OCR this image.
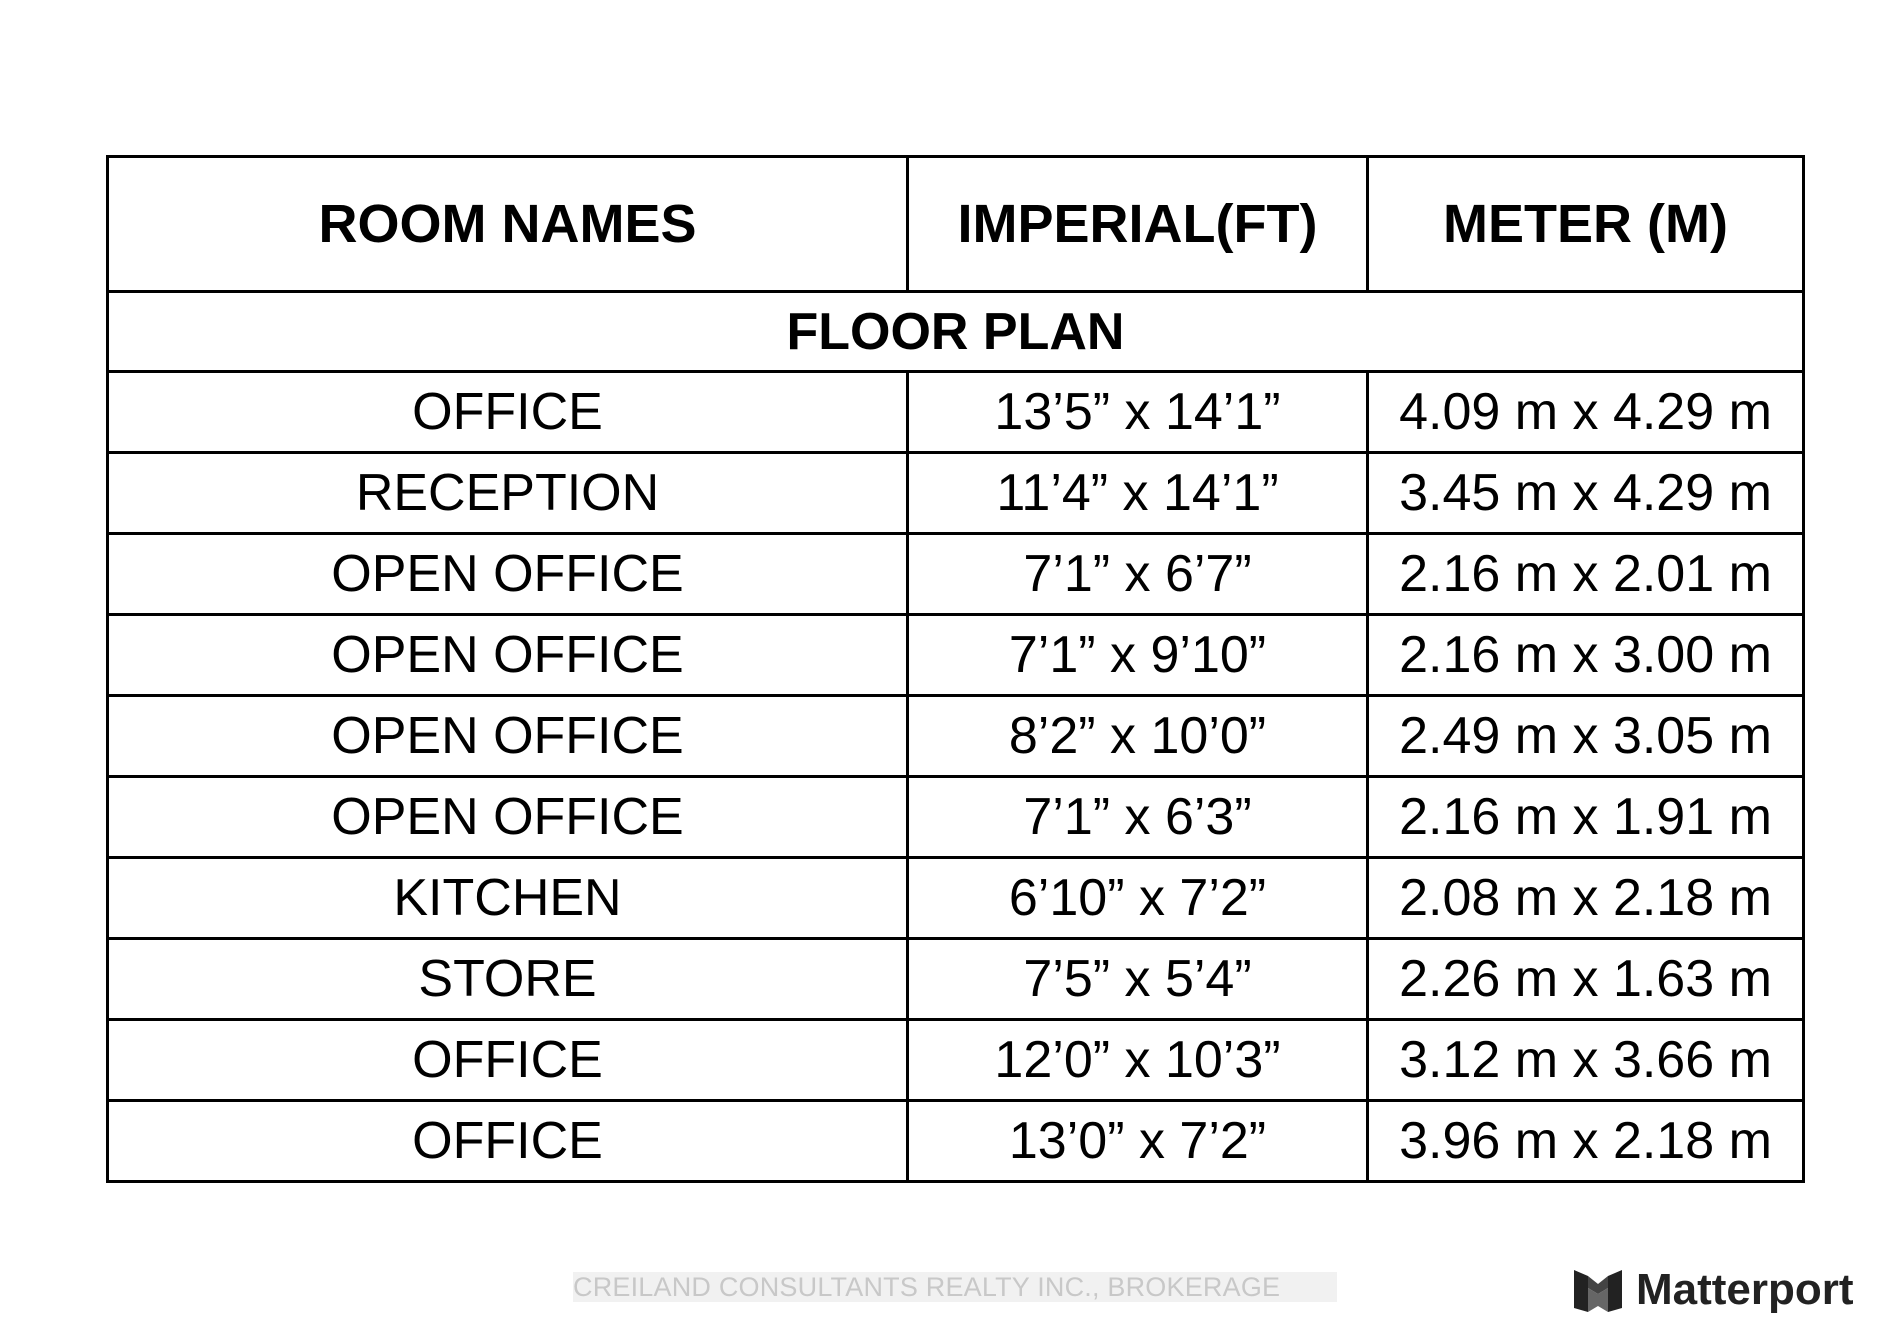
ROOM NAMES	IMPERIAL(FT)	METER (M)
FLOOR PLAN		
OFFICE	13’5” x 14’1”	4.09 m x 4.29 m
RECEPTION	11’4” x 14’1”	3.45 m x 4.29 m
OPEN OFFICE	7’1” x 6’7”	2.16 m x 2.01 m
OPEN OFFICE	7’1” x 9’10”	2.16 m x 3.00 m
OPEN OFFICE	8’2” x 10’0”	2.49 m x 3.05 m
OPEN OFFICE	7’1” x 6’3”	2.16 m x 1.91 m
KITCHEN	6’10” x 7’2”	2.08 m x 2.18 m
STORE	7’5” x 5’4”	2.26 m x 1.63 m
OFFICE	12’0” x 10’3”	3.12 m x 3.66 m
OFFICE	13’0” x 7’2”	3.96 m x 2.18 m
CREILAND CONSULTANTS REALTY INC., BROKERAGE	Matterport
